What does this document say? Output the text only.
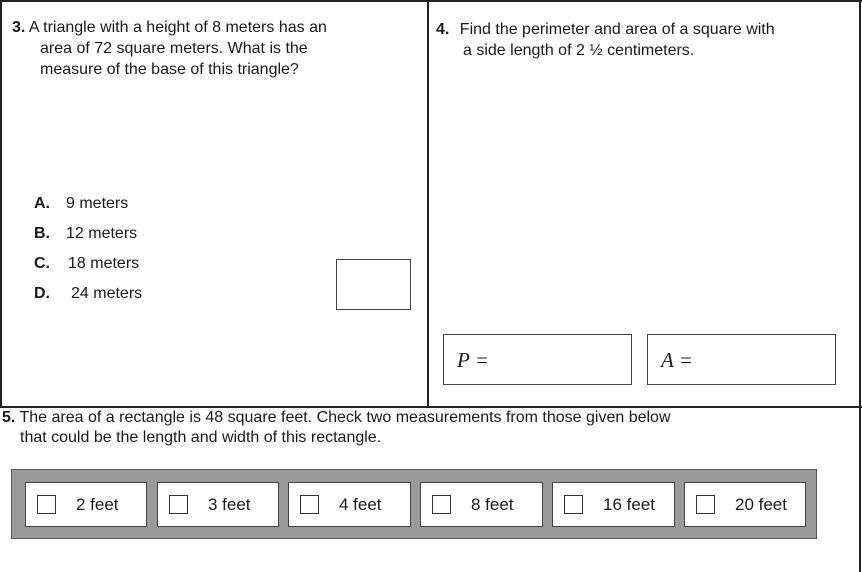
3. A triangle with a height of 8 meters has an
area of 72 square meters. What is the
measure of the base of this triangle?
A.	9 meters
B.	12 meters
C.	18 meters
D.	24 meters
4. Find the perimeter and area of a square with
a side length of 2 ½ centimeters.
P =	A =
5. The area of a rectangle is 48 square feet. Check two measurements from those given below
that could be the length and width of this rectangle.
2 feet	3 feet	4 feet	8 feet	16 feet	20 feet
